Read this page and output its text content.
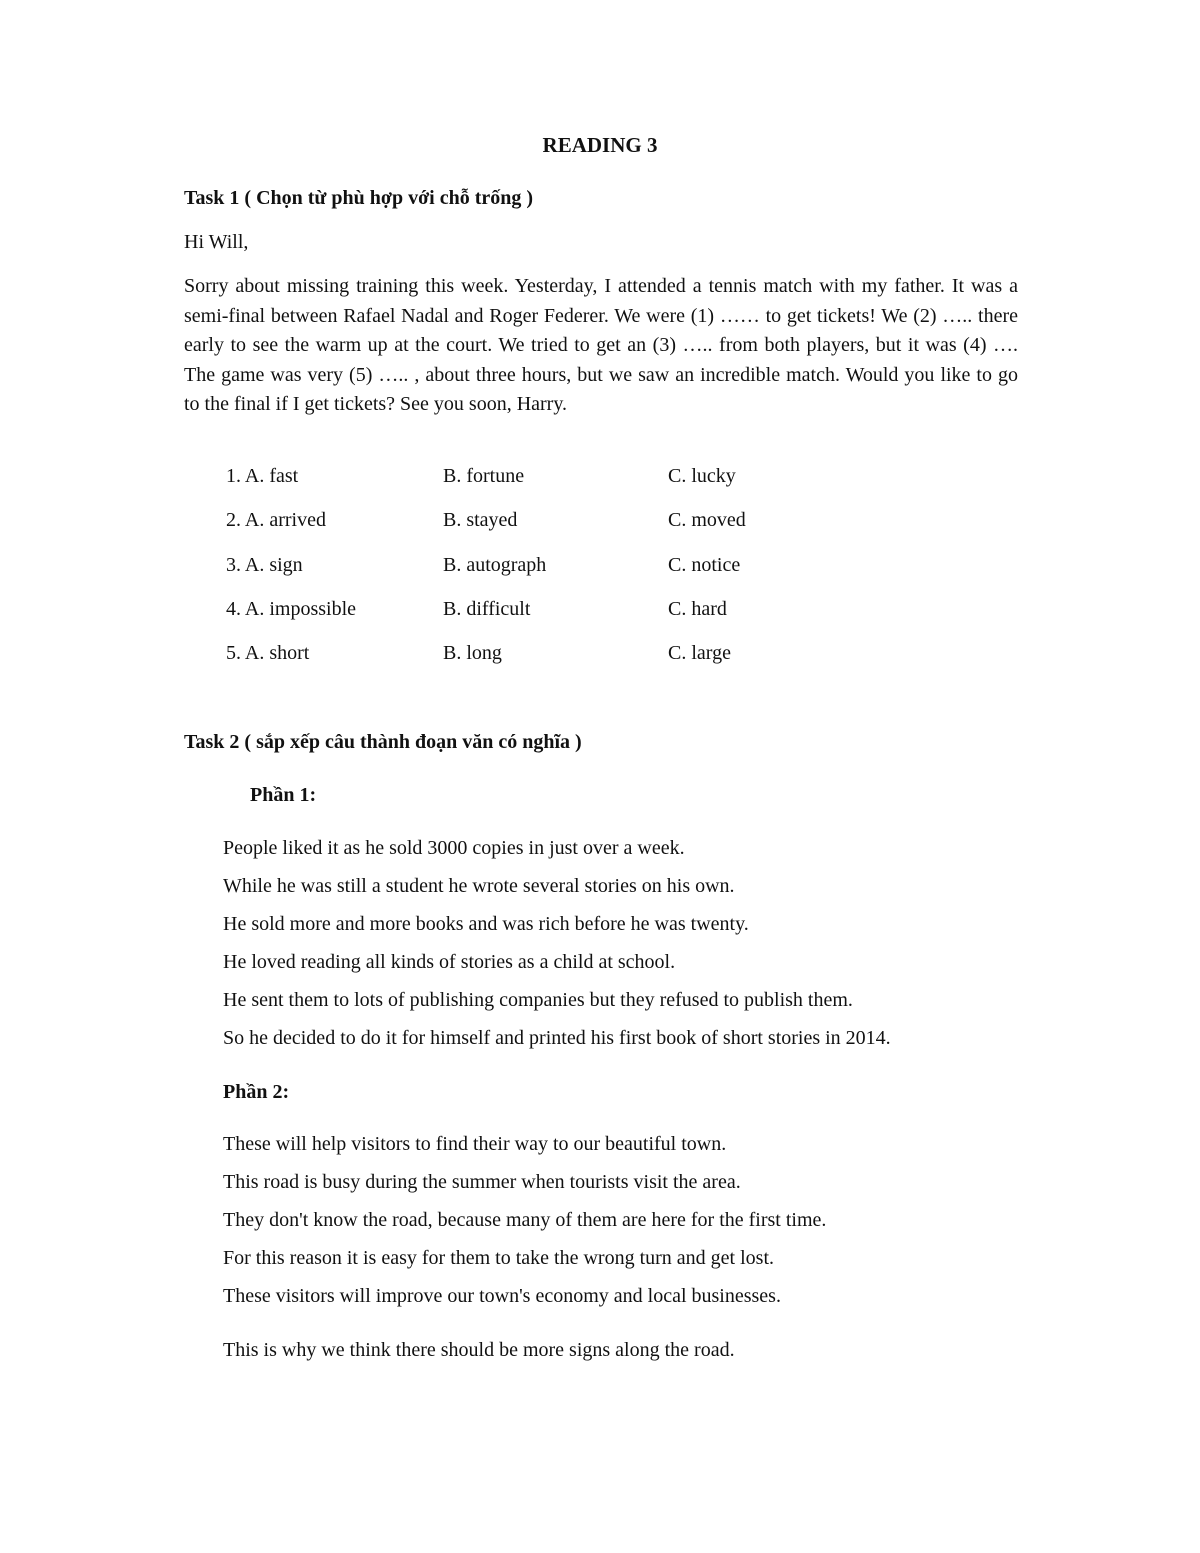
READING 3
Task 1 ( Chọn từ phù hợp với chỗ trống )
Hi Will,
Sorry about missing training this week. Yesterday, I attended a tennis match with my father. It was a semi-final between Rafael Nadal and Roger Federer. We were (1) …… to get tickets! We (2) ….. there early to see the warm up at the court. We tried to get an (3) ….. from both players, but it was (4) …. The game was very (5) ….. , about three hours, but we saw an incredible match. Would you like to go to the final if I get tickets? See you soon, Harry.
1. A. fast	B. fortune	C. lucky
2. A. arrived	B. stayed	C. moved
3. A. sign	B. autograph	C. notice
4. A. impossible	B. difficult	C. hard
5. A. short	B. long	C. large
Task 2 ( sắp xếp câu thành đoạn văn có nghĩa )
Phần 1:
People liked it as he sold 3000 copies in just over a week.
While he was still a student he wrote several stories on his own.
He sold more and more books and was rich before he was twenty.
He loved reading all kinds of stories as a child at school.
He sent them to lots of publishing companies but they refused to publish them.
So he decided to do it for himself and printed his first book of short stories in 2014.
Phần 2:
These will help visitors to find their way to our beautiful town.
This road is busy during the summer when tourists visit the area.
They don't know the road, because many of them are here for the first time.
For this reason it is easy for them to take the wrong turn and get lost.
These visitors will improve our town's economy and local businesses.
This is why we think there should be more signs along the road.
